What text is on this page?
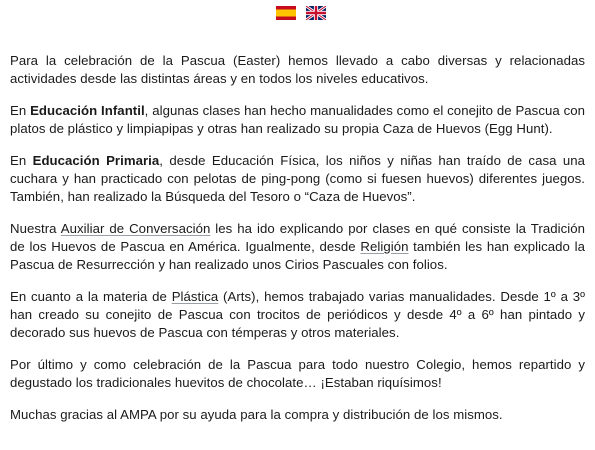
Para la celebración de la Pascua (Easter) hemos llevado a cabo diversas y relacionadas actividades desde las distintas áreas y en todos los niveles educativos.

En Educación Infantil, algunas clases han hecho manualidades como el conejito de Pascua con platos de plástico y limpiapipas y otras han realizado su propia Caza de Huevos (Egg Hunt).

En Educación Primaria, desde Educación Física, los niños y niñas han traído de casa una cuchara y han practicado con pelotas de ping-pong (como si fuesen huevos) diferentes juegos. También, han realizado la Búsqueda del Tesoro o “Caza de Huevos”.

Nuestra Auxiliar de Conversación les ha ido explicando por clases en qué consiste la Tradición de los Huevos de Pascua en América. Igualmente, desde Religión también les han explicado la Pascua de Resurrección y han realizado unos Cirios Pascuales con folios.

En cuanto a la materia de Plástica (Arts), hemos trabajado varias manualidades. Desde 1º a 3º han creado su conejito de Pascua con trocitos de periódicos y desde 4º a 6º han pintado y decorado sus huevos de Pascua con témperas y otros materiales.

Por último y como celebración de la Pascua para todo nuestro Colegio, hemos repartido y degustado los tradicionales huevitos de chocolate… ¡Estaban riquísimos!

Muchas gracias al AMPA por su ayuda para la compra y distribución de los mismos.
